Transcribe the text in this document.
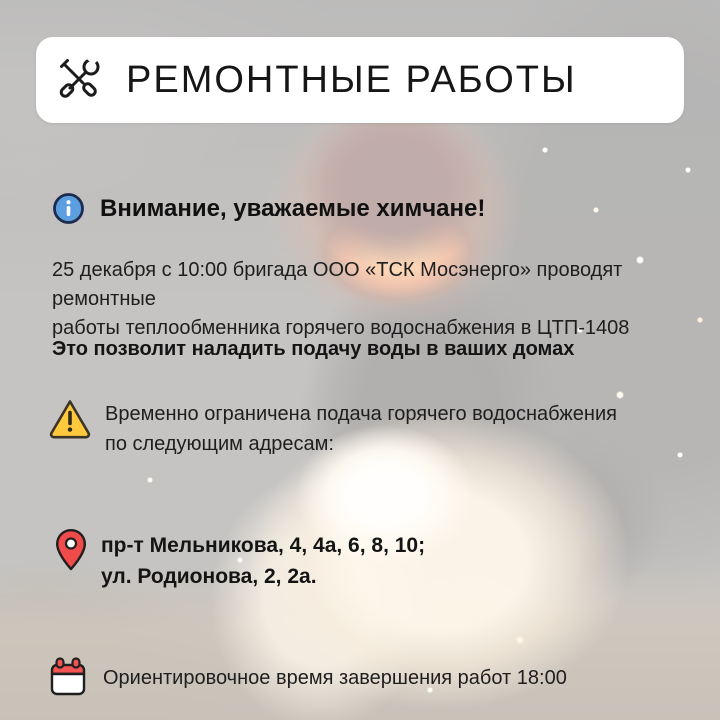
РЕМОНТНЫЕ РАБОТЫ
Внимание, уважаемые химчане!
25 декабря с 10:00 бригада ООО «ТСК Мосэнерго» проводят ремонтные
работы теплообменника горячего водоснабжения в ЦТП-1408
Это позволит наладить подачу воды в ваших домах
Временно ограничена подача горячего водоснабжения
по следующим адресам:
пр-т Мельникова, 4, 4а, 6, 8, 10;
ул. Родионова, 2, 2а.
Ориентировочное время завершения работ 18:00
